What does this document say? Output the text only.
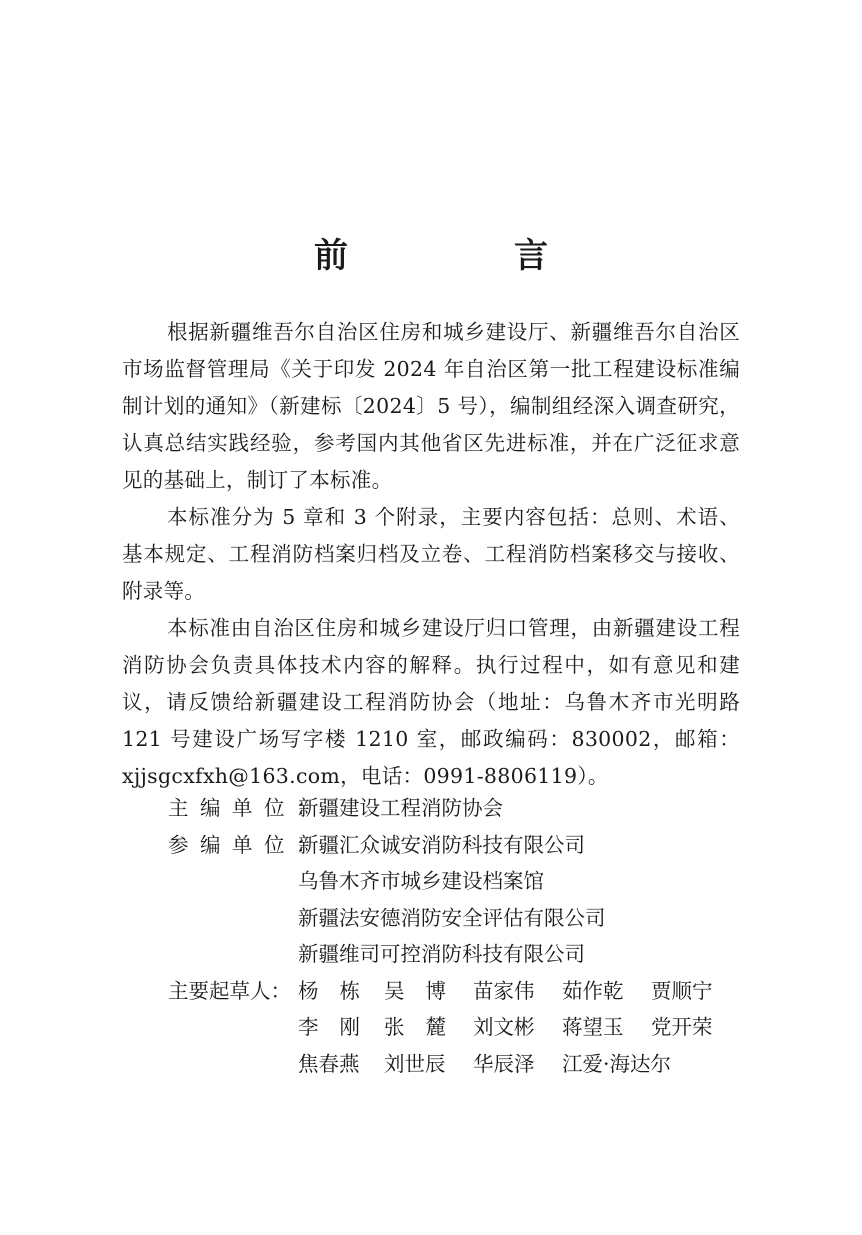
前　言

根据新疆维吾尔自治区住房和城乡建设厅、新疆维吾尔自治区市场监督管理局《关于印发 2024 年自治区第一批工程建设标准编制计划的通知》（新建标〔2024〕5 号），编制组经深入调查研究，认真总结实践经验，参考国内其他省区先进标准，并在广泛征求意见的基础上，制订了本标准。

本标准分为 5 章和 3 个附录，主要内容包括：总则、术语、基本规定、工程消防档案归档及立卷、工程消防档案移交与接收、附录等。

本标准由自治区住房和城乡建设厅归口管理，由新疆建设工程消防协会负责具体技术内容的解释。执行过程中，如有意见和建议，请反馈给新疆建设工程消防协会（地址：乌鲁木齐市光明路 121 号建设广场写字楼 1210 室，邮政编码：830002，邮箱：xjjsgcxfxh@163.com，电话：0991-8806119）。

主编单位：
新疆建设工程消防协会
参编单位：
新疆汇众诚安消防科技有限公司
乌鲁木齐市城乡建设档案馆
新疆法安德消防安全评估有限公司
新疆维司可控消防科技有限公司
主要起草人： 杨栋 吴博 苗家伟	茹作乾	贾顺宁
李刚 张麓 刘文彬	蒋望玉	党开荣
焦春燕	刘世辰	华辰泽	江爱·海达尔
